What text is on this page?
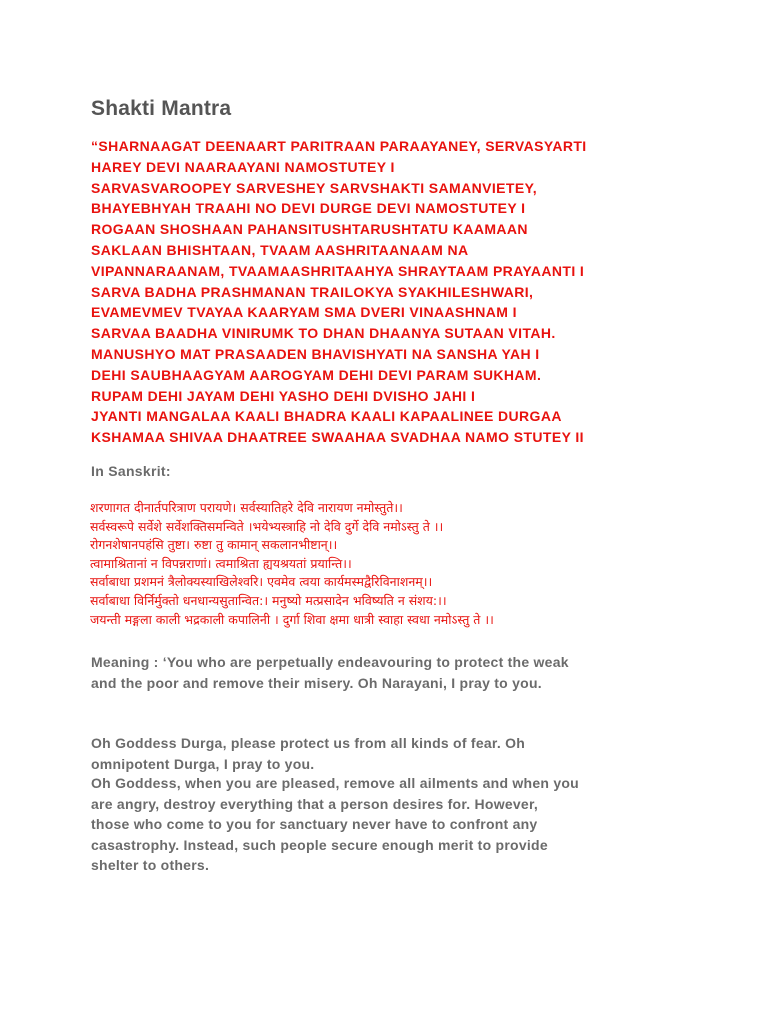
Shakti Mantra
“SHARNAAGAT DEENAART PARITRAAN PARAAYANEY, SERVASYARTI
HAREY DEVI NAARAAYANI NAMOSTUTEY I
SARVASVAROOPEY SARVESHEY SARVSHAKTI SAMANVIETEY,
BHAYEBHYAH TRAAHI NO DEVI DURGE DEVI NAMOSTUTEY I
ROGAAN SHOSHAAN PAHANSITUSHTARUSHTATU KAAMAAN
SAKLAAN BHISHTAAN, TVAAM AASHRITAANAAM NA
VIPANNARAANAM, TVAAMAASHRITAAHYA SHRAYTAAM PRAYAANTI I
SARVA BADHA PRASHMANAN TRAILOKYA SYAKHILESHWARI,
EVAMEVMEV TVAYAA KAARYAM SMA DVERI VINAASHNAM I
SARVAA BAADHA VINIRUMK TO DHAN DHAANYA SUTAAN VITAH.
MANUSHYO MAT PRASAADEN BHAVISHYATI NA SANSHA YAH I
DEHI SAUBHAAGYAM AAROGYAM DEHI DEVI PARAM SUKHAM.
RUPAM DEHI JAYAM DEHI YASHO DEHI DVISHO JAHI I
JYANTI MANGALAA KAALI BHADRA KAALI KAPAALINEE DURGAA
KSHAMAA SHIVAA DHAATREE SWAAHAA SVADHAA NAMO STUTEY II
In Sanskrit:
शरणागत दीनार्तपरित्राण परायणे। सर्वस्यातिहरे देवि नारायण नमोस्तुते।।
सर्वस्वरूपे सर्वेशे सर्वेशक्तिसमन्विते ।भयेभ्यस्त्राहि नो देवि दुर्गे देवि नमोऽस्तु ते ।।
रोगनशेषानपहंसि तुष्टा। रुष्टा तु कामान् सकलानभीष्टान्।।
त्वामाश्रितानां न विपन्नराणां। त्वमाश्रिता ह्ययश्रयतां प्रयान्ति।।
सर्वाबाधा प्रशमनं त्रैलोक्यस्याखिलेश्वरि। एवमेव त्वया कार्यमस्मद्वैरिविनाशनम्।।
सर्वाबाधा विर्निर्मुक्तो धनधान्यसुतान्वित:। मनुष्यो मत्प्रसादेन भविष्यति न संशय:।।
जयन्ती मङ्गला काली भद्रकाली कपालिनी । दुर्गा शिवा क्षमा धात्री स्वाहा स्वधा नमोऽस्तु ते ।।
Meaning : ‘You who are perpetually endeavouring to protect the weak
and the poor and remove their misery. Oh Narayani, I pray to you.
Oh Goddess Durga, please protect us from all kinds of fear. Oh
omnipotent Durga, I pray to you.
Oh Goddess, when you are pleased, remove all ailments and when you
are angry, destroy everything that a person desires for. However,
those who come to you for sanctuary never have to confront any
casastrophy. Instead, such people secure enough merit to provide
shelter to others.
